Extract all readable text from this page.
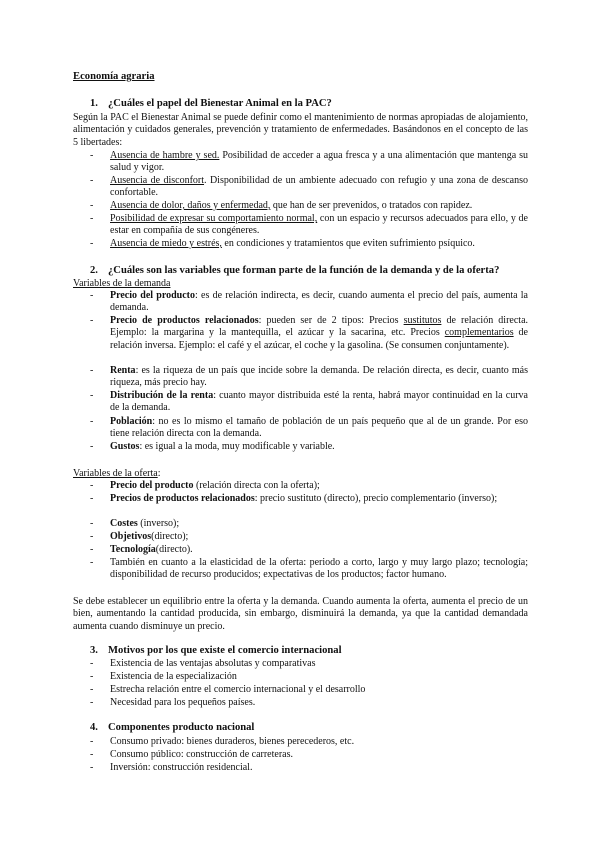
Economía agraria
1. ¿Cuáles el papel del Bienestar Animal en la PAC?
Según la PAC el Bienestar Animal se puede definir como el mantenimiento de normas apropiadas de alojamiento, alimentación y cuidados generales, prevención y tratamiento de enfermedades. Basándonos en el concepto de las 5 libertades:
- Ausencia de hambre y sed. Posibilidad de acceder a agua fresca y a una alimentación que mantenga su salud y vigor.
- Ausencia de disconfort. Disponibilidad de un ambiente adecuado con refugio y una zona de descanso confortable.
- Ausencia de dolor, daños y enfermedad, que han de ser prevenidos, o tratados con rapidez.
- Posibilidad de expresar su comportamiento normal, con un espacio y recursos adecuados para ello, y de estar en compañía de sus congéneres.
- Ausencia de miedo y estrés, en condiciones y tratamientos que eviten sufrimiento psíquico.
2. ¿Cuáles son las variables que forman parte de la función de la demanda y de la oferta?
Variables de la demanda
- Precio del producto: es de relación indirecta, es decir, cuando aumenta el precio del país, aumenta la demanda.
- Precio de productos relacionados: pueden ser de 2 tipos: Precios sustitutos de relación directa. Ejemplo: la margarina y la mantequilla, el azúcar y la sacarina, etc. Precios complementarios de relación inversa. Ejemplo: el café y el azúcar, el coche y la gasolina. (Se consumen conjuntamente).
- Renta: es la riqueza de un país que incide sobre la demanda. De relación directa, es decir, cuanto más riqueza, más precio hay.
- Distribución de la renta: cuanto mayor distribuida esté la renta, habrá mayor continuidad en la curva de la demanda.
- Población: no es lo mismo el tamaño de población de un país pequeño que al de un grande. Por eso tiene relación directa con la demanda.
- Gustos: es igual a la moda, muy modificable y variable.
Variables de la oferta:
- Precio del producto (relación directa con la oferta);
- Precios de productos relacionados: precio sustituto (directo), precio complementario (inverso);
- Costes (inverso);
- Objetivos(directo);
- Tecnología(directo).
- También en cuanto a la elasticidad de la oferta: periodo a corto, largo y muy largo plazo; tecnología; disponibilidad de recurso producidos; expectativas de los productos; factor humano.
Se debe establecer un equilibrio entre la oferta y la demanda. Cuando aumenta la oferta, aumenta el precio de un bien, aumentando la cantidad producida, sin embargo, disminuirá la demanda, ya que la cantidad demandada aumenta cuando disminuye un precio.
3. Motivos por los que existe el comercio internacional
- Existencia de las ventajas absolutas y comparativas
- Existencia de la especialización
- Estrecha relación entre el comercio internacional y el desarrollo
- Necesidad para los pequeños países.
4. Componentes producto nacional
- Consumo privado: bienes duraderos, bienes perecederos, etc.
- Consumo público: construcción de carreteras.
- Inversión: construcción residencial.
